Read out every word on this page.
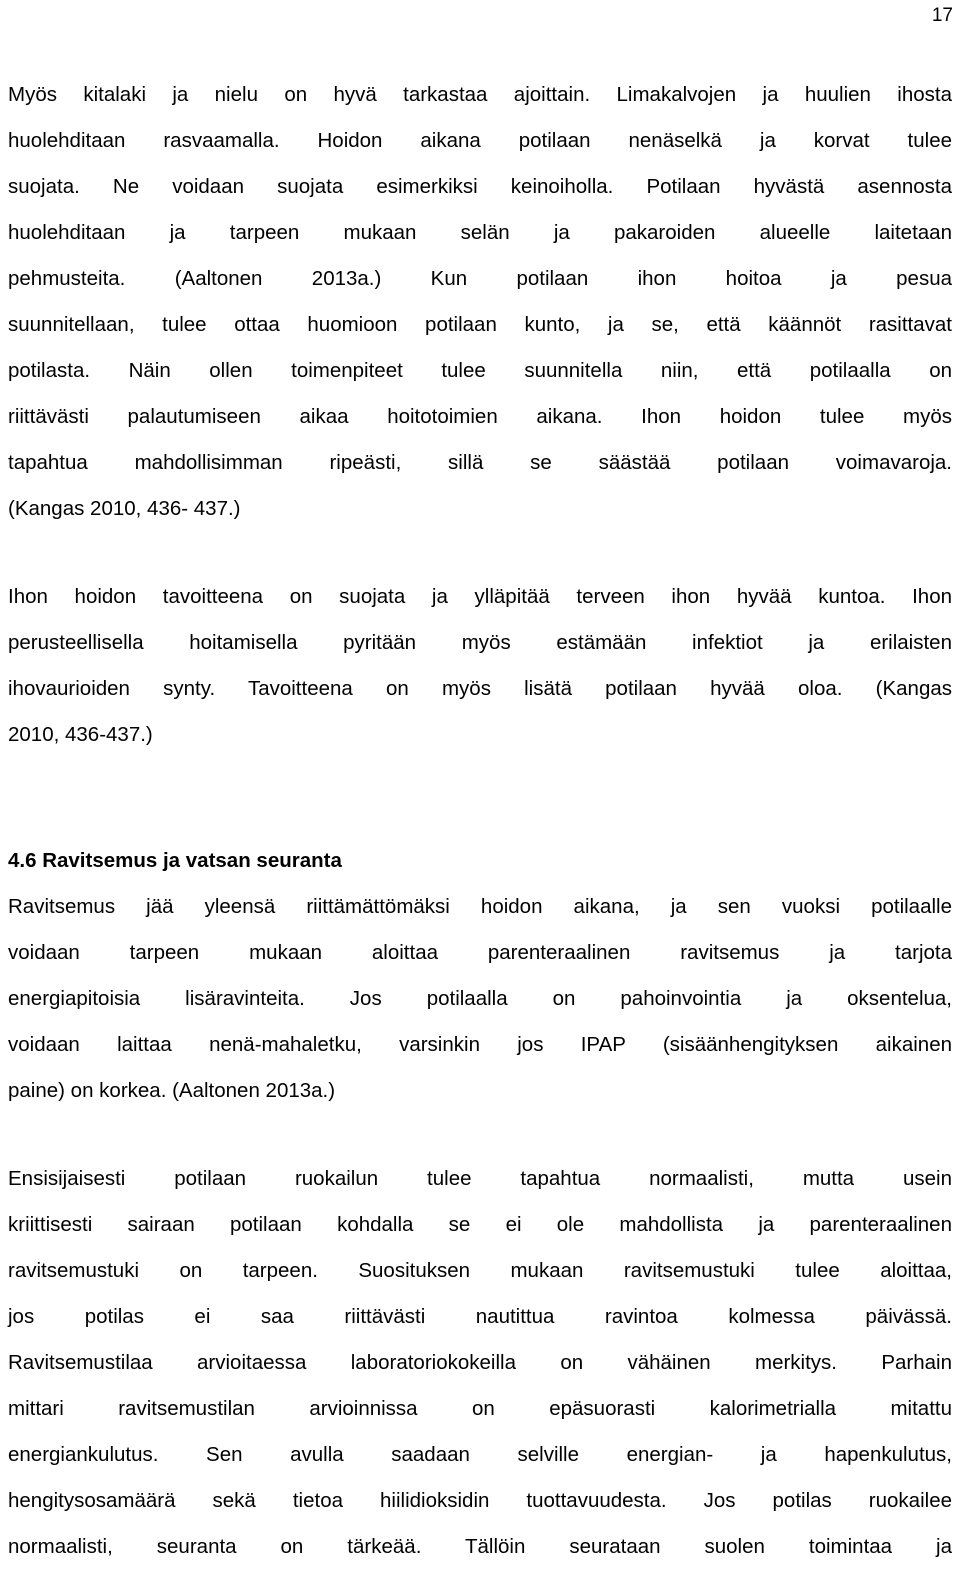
17

Myös kitalaki ja nielu on hyvä tarkastaa ajoittain. Limakalvojen ja huulien ihosta
huolehditaan rasvaamalla. Hoidon aikana potilaan nenäselkä ja korvat tulee
suojata. Ne voidaan suojata esimerkiksi keinoiholla. Potilaan hyvästä asennosta
huolehditaan ja tarpeen mukaan selän ja pakaroiden alueelle laitetaan
pehmusteita. (Aaltonen 2013a.) Kun potilaan ihon hoitoa ja pesua
suunnitellaan, tulee ottaa huomioon potilaan kunto, ja se, että käännöt rasittavat
potilasta. Näin ollen toimenpiteet tulee suunnitella niin, että potilaalla on
riittävästi palautumiseen aikaa hoitotoimien aikana. Ihon hoidon tulee myös
tapahtua mahdollisimman ripeästi, sillä se säästää potilaan voimavaroja.
(Kangas 2010, 436- 437.)
Ihon hoidon tavoitteena on suojata ja ylläpitää terveen ihon hyvää kuntoa. Ihon
perusteellisella hoitamisella pyritään myös estämään infektiot ja erilaisten
ihovaurioiden synty. Tavoitteena on myös lisätä potilaan hyvää oloa. (Kangas
2010, 436-437.)
4.6 Ravitsemus ja vatsan seuranta
Ravitsemus jää yleensä riittämättömäksi hoidon aikana, ja sen vuoksi potilaalle
voidaan tarpeen mukaan aloittaa parenteraalinen ravitsemus ja tarjota
energiapitoisia lisäravinteita. Jos potilaalla on pahoinvointia ja oksentelua,
voidaan laittaa nenä-mahaletku, varsinkin jos IPAP (sisäänhengityksen aikainen
paine) on korkea. (Aaltonen 2013a.)
Ensisijaisesti potilaan ruokailun tulee tapahtua normaalisti, mutta usein
kriittisesti sairaan potilaan kohdalla se ei ole mahdollista ja parenteraalinen
ravitsemustuki on tarpeen. Suosituksen mukaan ravitsemustuki tulee aloittaa,
jos potilas ei saa riittävästi nautittua ravintoa kolmessa päivässä.
Ravitsemustilaa arvioitaessa laboratoriokokeilla on vähäinen merkitys. Parhain
mittari ravitsemustilan arvioinnissa on epäsuorasti kalorimetrialla mitattu
energiankulutus. Sen avulla saadaan selville energian- ja hapenkulutus,
hengitysosamäärä sekä tietoa hiilidioksidin tuottavuudesta. Jos potilas ruokailee
normaalisti, seuranta on tärkeää. Tällöin seurataan suolen toimintaa ja
